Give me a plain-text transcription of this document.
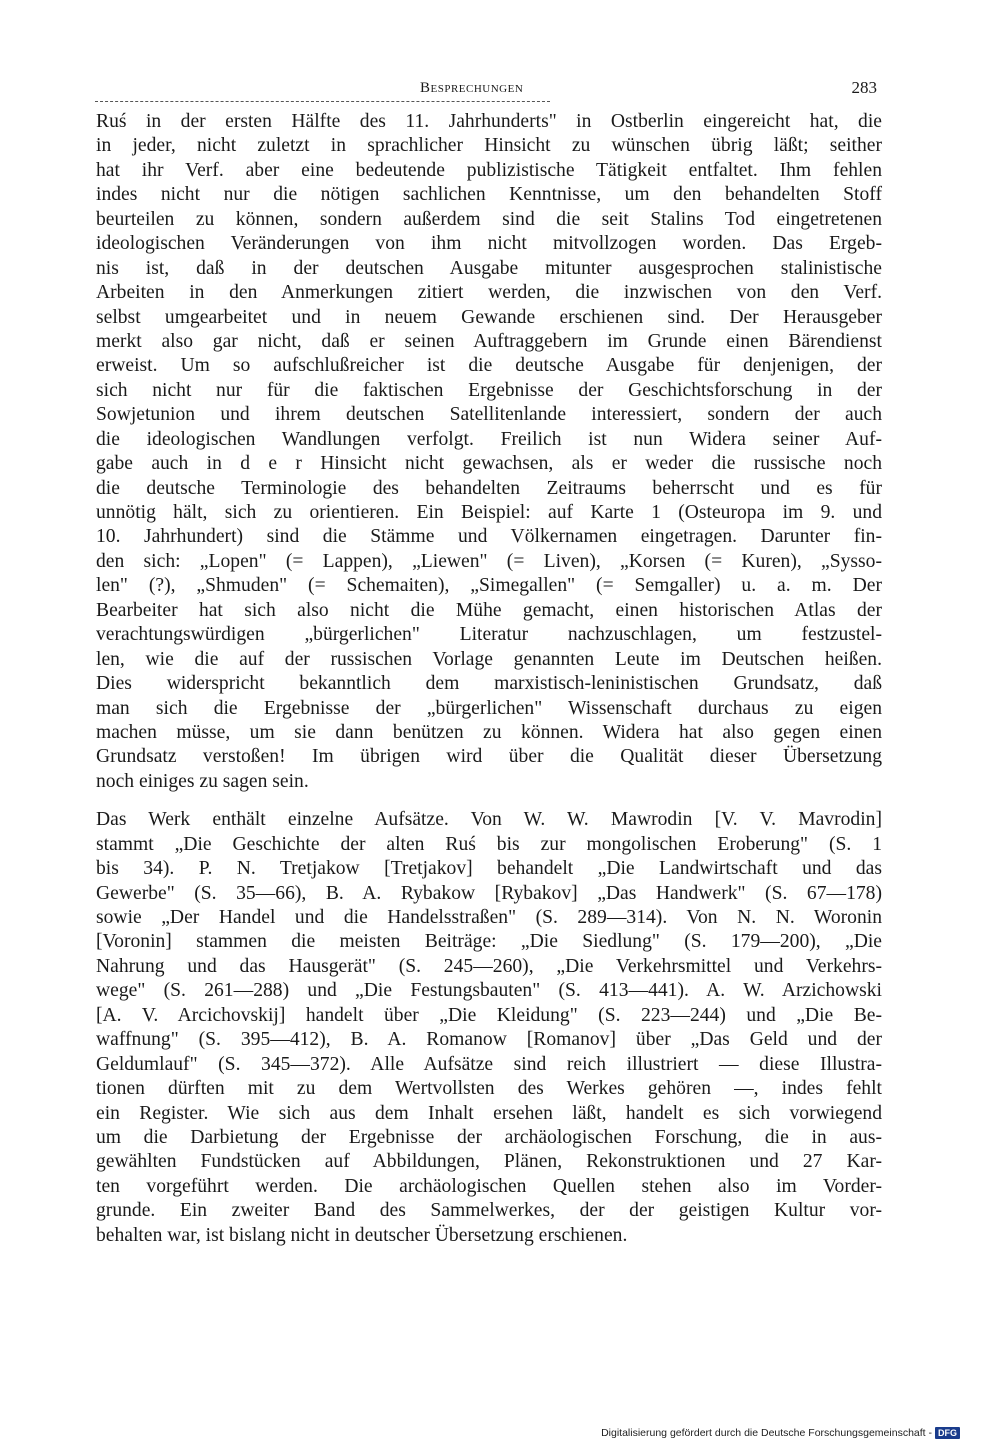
Besprechungen	283
Ruś in der ersten Hälfte des 11. Jahrhunderts" in Ostberlin eingereicht hat, die
in jeder, nicht zuletzt in sprachlicher Hinsicht zu wünschen übrig läßt; seither
hat ihr Verf. aber eine bedeutende publizistische Tätigkeit entfaltet. Ihm fehlen
indes nicht nur die nötigen sachlichen Kenntnisse, um den behandelten Stoff
beurteilen zu können, sondern außerdem sind die seit Stalins Tod eingetretenen
ideologischen Veränderungen von ihm nicht mitvollzogen worden. Das Ergeb-
nis ist, daß in der deutschen Ausgabe mitunter ausgesprochen stalinistische
Arbeiten in den Anmerkungen zitiert werden, die inzwischen von den Verf.
selbst umgearbeitet und in neuem Gewande erschienen sind. Der Herausgeber
merkt also gar nicht, daß er seinen Auftraggebern im Grunde einen Bärendienst
erweist. Um so aufschlußreicher ist die deutsche Ausgabe für denjenigen, der
sich nicht nur für die faktischen Ergebnisse der Geschichtsforschung in der
Sowjetunion und ihrem deutschen Satellitenlande interessiert, sondern der auch
die ideologischen Wandlungen verfolgt. Freilich ist nun Widera seiner Auf-
gabe auch in d e r Hinsicht nicht gewachsen, als er weder die russische noch
die deutsche Terminologie des behandelten Zeitraums beherrscht und es für
unnötig hält, sich zu orientieren. Ein Beispiel: auf Karte 1 (Osteuropa im 9. und
10. Jahrhundert) sind die Stämme und Völkernamen eingetragen. Darunter fin-
den sich: „Lopen" (= Lappen), „Liewen" (= Liven), „Korsen (= Kuren), „Sysso-
len" (?), „Shmuden" (= Schemaiten), „Simegallen" (= Semgaller) u. a. m. Der
Bearbeiter hat sich also nicht die Mühe gemacht, einen historischen Atlas der
verachtungswürdigen „bürgerlichen" Literatur nachzuschlagen, um festzustel-
len, wie die auf der russischen Vorlage genannten Leute im Deutschen heißen.
Dies widerspricht bekanntlich dem marxistisch-leninistischen Grundsatz, daß
man sich die Ergebnisse der „bürgerlichen" Wissenschaft durchaus zu eigen
machen müsse, um sie dann benützen zu können. Widera hat also gegen einen
Grundsatz verstoßen! Im übrigen wird über die Qualität dieser Übersetzung
noch einiges zu sagen sein.
Das Werk enthält einzelne Aufsätze. Von W. W. Mawrodin [V. V. Mavrodin]
stammt „Die Geschichte der alten Ruś bis zur mongolischen Eroberung" (S. 1
bis 34). P. N. Tretjakow [Tretjakov] behandelt „Die Landwirtschaft und das
Gewerbe" (S. 35—66), B. A. Rybakow [Rybakov] „Das Handwerk" (S. 67—178)
sowie „Der Handel und die Handelsstraßen" (S. 289—314). Von N. N. Woronin
[Voronin] stammen die meisten Beiträge: „Die Siedlung" (S. 179—200), „Die
Nahrung und das Hausgerät" (S. 245—260), „Die Verkehrsmittel und Verkehrs-
wege" (S. 261—288) und „Die Festungsbauten" (S. 413—441). A. W. Arzichowski
[A. V. Arcichovskij] handelt über „Die Kleidung" (S. 223—244) und „Die Be-
waffnung" (S. 395—412), B. A. Romanow [Romanov] über „Das Geld und der
Geldumlauf" (S. 345—372). Alle Aufsätze sind reich illustriert — diese Illustra-
tionen dürften mit zu dem Wertvollsten des Werkes gehören —, indes fehlt
ein Register. Wie sich aus dem Inhalt ersehen läßt, handelt es sich vorwiegend
um die Darbietung der Ergebnisse der archäologischen Forschung, die in aus-
gewählten Fundstücken auf Abbildungen, Plänen, Rekonstruktionen und 27 Kar-
ten vorgeführt werden. Die archäologischen Quellen stehen also im Vorder-
grunde. Ein zweiter Band des Sammelwerkes, der der geistigen Kultur vor-
behalten war, ist bislang nicht in deutscher Übersetzung erschienen.
Digitalisierung gefördert durch die Deutsche Forschungsgemeinschaft - DFG
